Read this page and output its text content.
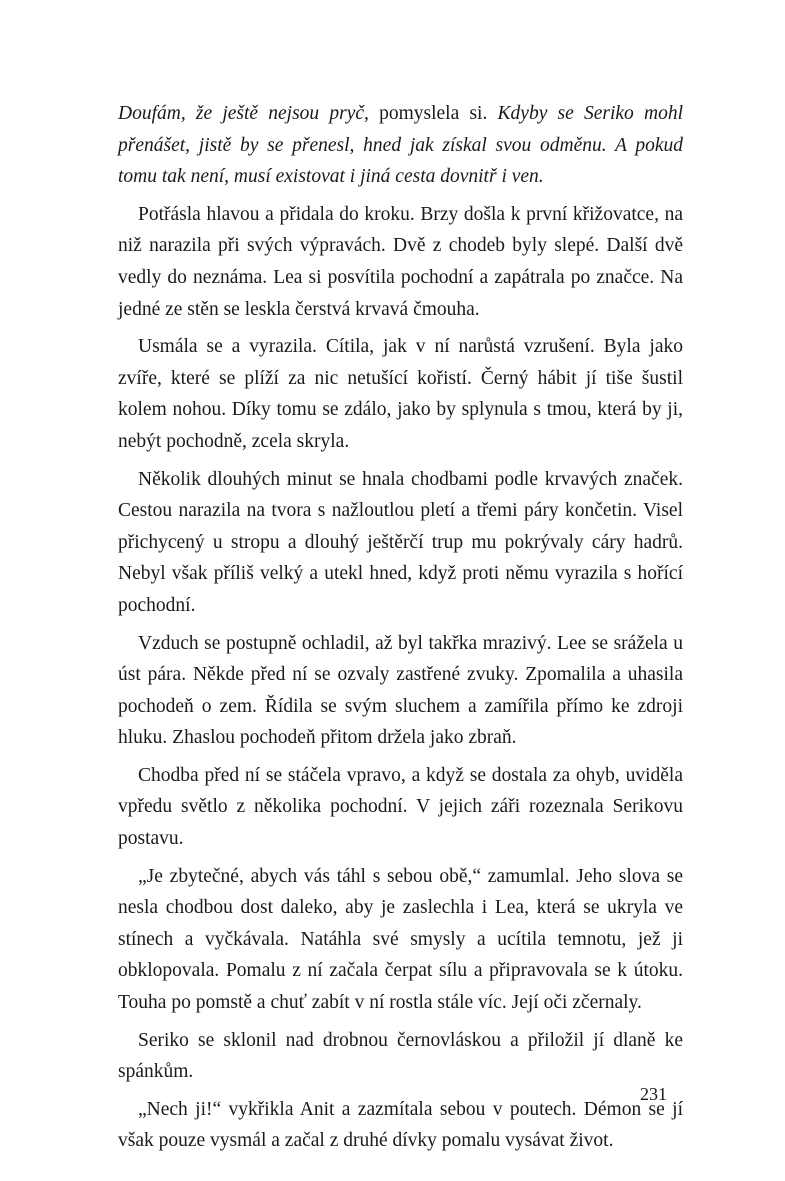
Doufám, že ještě nejsou pryč, pomyslela si. Kdyby se Seriko mohl přenášet, jistě by se přenesl, hned jak získal svou odměnu. A pokud tomu tak není, musí existovat i jiná cesta dovnitř i ven.

Potřásla hlavou a přidala do kroku. Brzy došla k první křižovatce, na niž narazila při svých výpravách. Dvě z chodeb byly slepé. Další dvě vedly do neznáma. Lea si posvítila pochodní a zapátrala po značce. Na jedné ze stěn se leskla čerstvá krvavá čmouha.

Usmála se a vyrazila. Cítila, jak v ní narůstá vzrušení. Byla jako zvíře, které se plíží za nic netušící kořistí. Černý hábit jí tiše šustil kolem nohou. Díky tomu se zdálo, jako by splynula s tmou, která by ji, nebýt pochodně, zcela skryla.

Několik dlouhých minut se hnala chodbami podle krvavých značek. Cestou narazila na tvora s nažloutlou pletí a třemi páry končetin. Visel přichycený u stropu a dlouhý ještěrčí trup mu pokrývaly cáry hadrů. Nebyl však příliš velký a utekl hned, když proti němu vyrazila s hořící pochodní.

Vzduch se postupně ochladil, až byl takřka mrazivý. Lee se srážela u úst pára. Někde před ní se ozvaly zastřené zvuky. Zpomalila a uhasila pochodeň o zem. Řídila se svým sluchem a zamířila přímo ke zdroji hluku. Zhaslou pochodeň přitom držela jako zbraň.

Chodba před ní se stáčela vpravo, a když se dostala za ohyb, uviděla vpředu světlo z několika pochodní. V jejich záři rozeznala Serikovu postavu.

„Je zbytečné, abych vás táhl s sebou obě,“ zamumlal. Jeho slova se nesla chodbou dost daleko, aby je zaslechla i Lea, která se ukryla ve stínech a vyčkávala. Natáhla své smysly a ucítila temnotu, jež ji obklopovala. Pomalu z ní začala čerpat sílu a připravovala se k útoku. Touha po pomstě a chuť zabít v ní rostla stále víc. Její oči zčernaly.

Seriko se sklonil nad drobnou černovláskou a přiložil jí dlaně ke spánkům.

„Nech ji!“ vykřikla Anit a zazmítala sebou v poutech. Démon se jí však pouze vysmál a začal z druhé dívky pomalu vysávat život.

231
